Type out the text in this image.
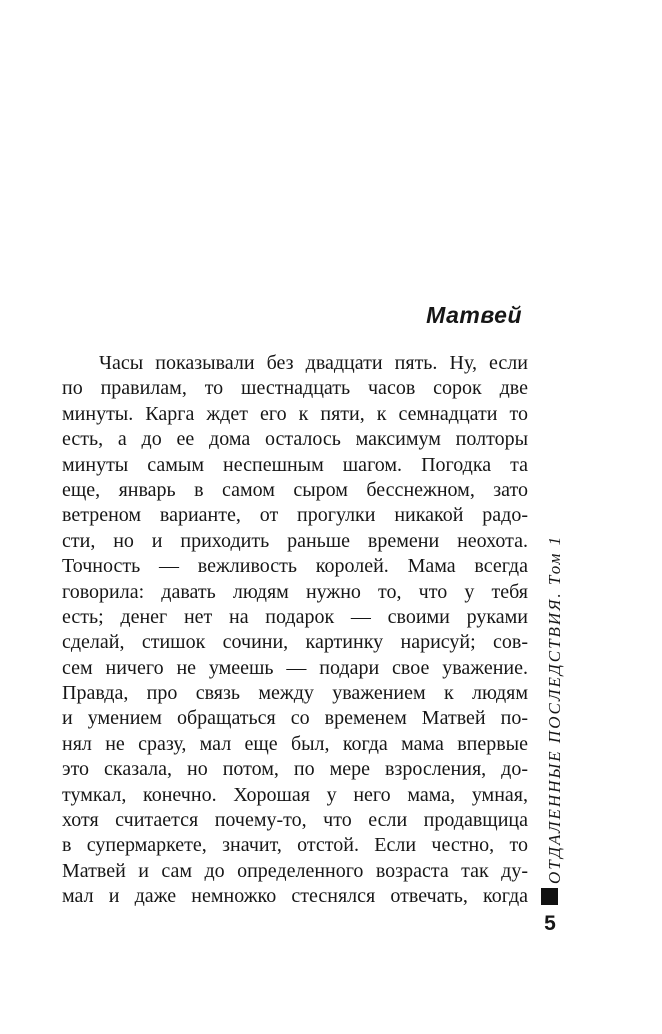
Матвей
Часы показывали без двадцати пять. Ну, если
по правилам, то шестнадцать часов сорок две
минуты. Карга ждет его к пяти, к семнадцати то
есть, а до ее дома осталось максимум полторы
минуты самым неспешным шагом. Погодка та
еще, январь в самом сыром бесснежном, зато
ветреном варианте, от прогулки никакой радо-
сти, но и приходить раньше времени неохота.
Точность — вежливость королей. Мама всегда
говорила: давать людям нужно то, что у тебя
есть; денег нет на подарок — своими руками
сделай, стишок сочини, картинку нарисуй; сов-
сем ничего не умеешь — подари свое уважение.
Правда, про связь между уважением к людям
и умением обращаться со временем Матвей по-
нял не сразу, мал еще был, когда мама впервые
это сказала, но потом, по мере взросления, до-
тумкал, конечно. Хорошая у него мама, умная,
хотя считается почему-то, что если продавщица
в супермаркете, значит, отстой. Если честно, то
Матвей и сам до определенного возраста так ду-
мал и даже немножко стеснялся отвечать, когда
ОТДАЛЕННЫЕ ПОСЛЕДСТВИЯ. Том 1
5
